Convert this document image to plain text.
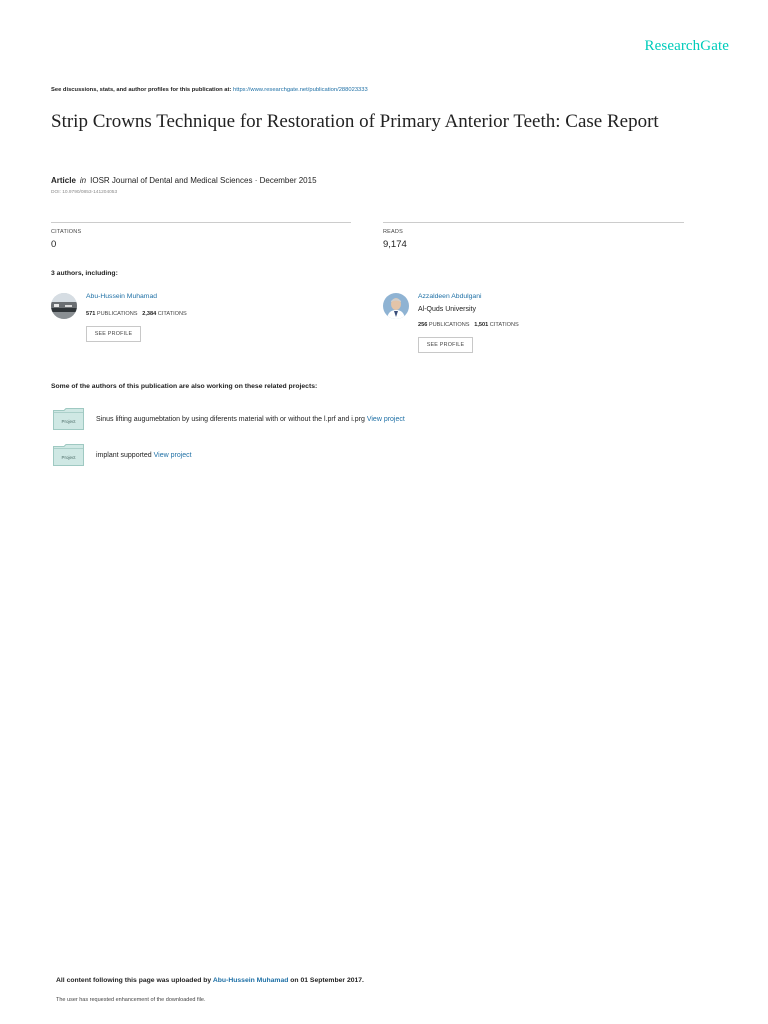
ResearchGate
See discussions, stats, and author profiles for this publication at: https://www.researchgate.net/publication/288023333
Strip Crowns Technique for Restoration of Primary Anterior Teeth: Case Report
Article in IOSR Journal of Dental and Medical Sciences · December 2015
DOI: 10.9790/0853-141204053
CITATIONS
0
READS
9,174
3 authors, including:
Abu-Hussein Muhamad
571 PUBLICATIONS 2,384 CITATIONS
SEE PROFILE
Azzaldeen Abdulgani
Al-Quds University
256 PUBLICATIONS 1,501 CITATIONS
SEE PROFILE
Some of the authors of this publication are also working on these related projects:
Project	Sinus lifting augumebtation by using diferents material with or without the l.prf and i.prg View project
Project	implant supported View project
All content following this page was uploaded by Abu-Hussein Muhamad on 01 September 2017.
The user has requested enhancement of the downloaded file.
